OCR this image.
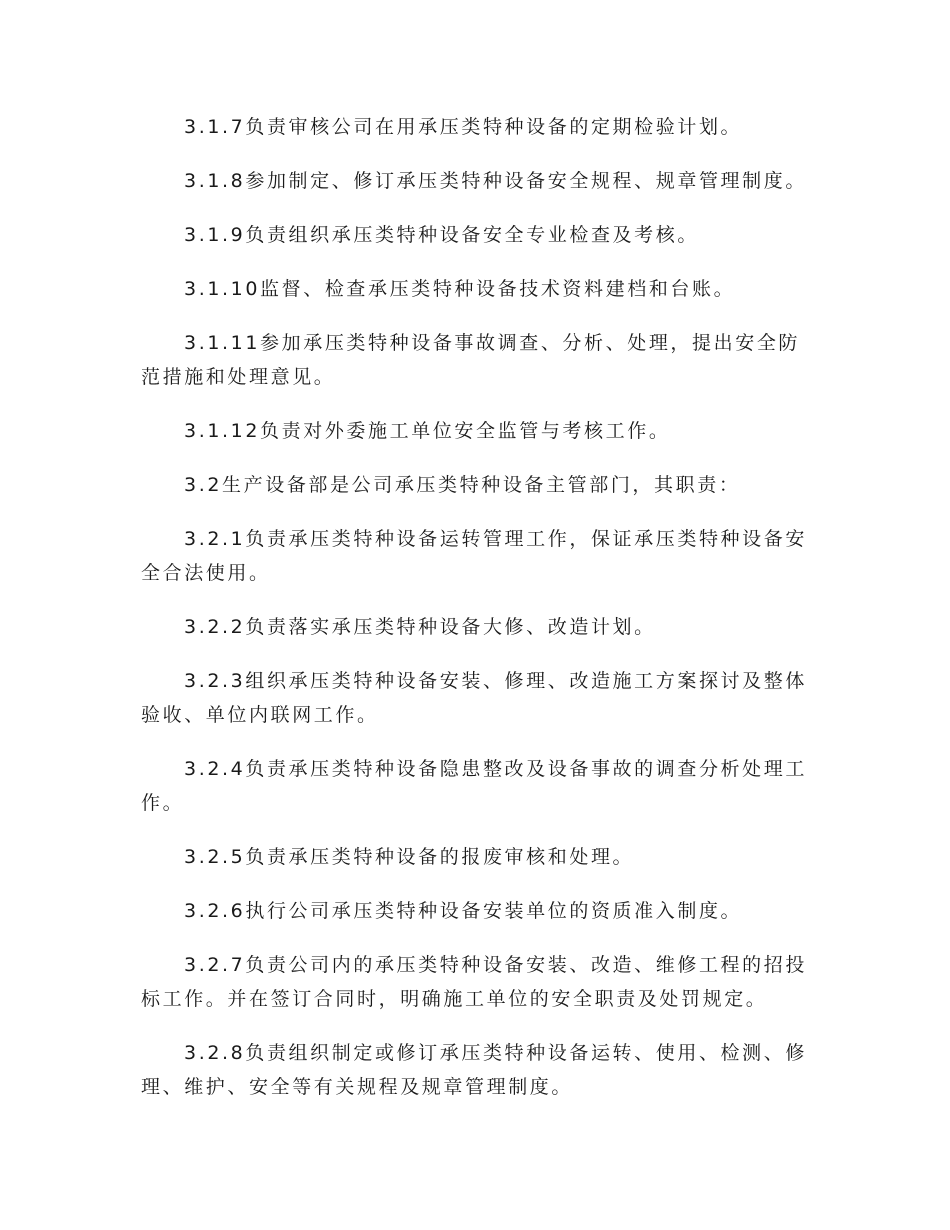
3.1.7负责审核公司在用承压类特种设备的定期检验计划。

3.1.8参加制定、修订承压类特种设备安全规程、规章管理制度。

3.1.9负责组织承压类特种设备安全专业检查及考核。

3.1.10监督、检查承压类特种设备技术资料建档和台账。

3.1.11参加承压类特种设备事故调查、分析、处理，提出安全防范措施和处理意见。

3.1.12负责对外委施工单位安全监管与考核工作。

3.2生产设备部是公司承压类特种设备主管部门，其职责：

3.2.1负责承压类特种设备运转管理工作，保证承压类特种设备安全合法使用。

3.2.2负责落实承压类特种设备大修、改造计划。

3.2.3组织承压类特种设备安装、修理、改造施工方案探讨及整体验收、单位内联网工作。

3.2.4负责承压类特种设备隐患整改及设备事故的调查分析处理工作。

3.2.5负责承压类特种设备的报废审核和处理。

3.2.6执行公司承压类特种设备安装单位的资质准入制度。

3.2.7负责公司内的承压类特种设备安装、改造、维修工程的招投标工作。并在签订合同时，明确施工单位的安全职责及处罚规定。

3.2.8负责组织制定或修订承压类特种设备运转、使用、检测、修理、维护、安全等有关规程及规章管理制度。
